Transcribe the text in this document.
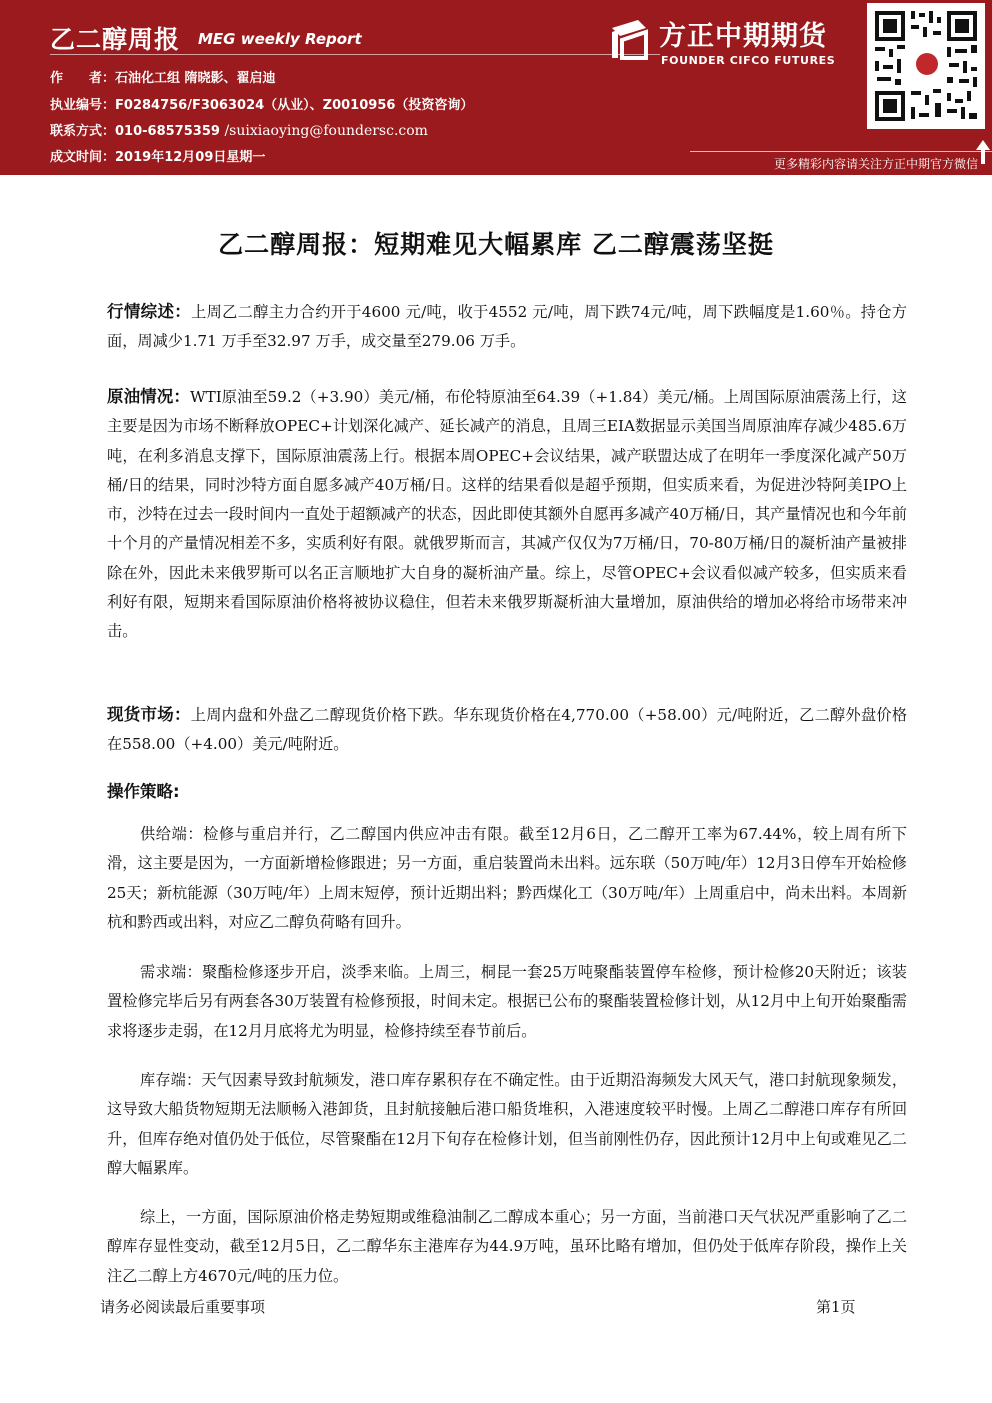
乙二醇周报 MEG weekly Report
作　　者：石油化工组 隋晓影、翟启迪
执业编号：F0284756/F3063024（从业）、Z0010956（投资咨询）
联系方式：010-68575359 /suixiaoying@foundersc.com
成文时间：2019年12月09日星期一
方正中期期货
FOUNDER CIFCO FUTURES
更多精彩内容请关注方正中期官方微信
乙二醇周报：短期难见大幅累库 乙二醇震荡坚挺
行情综述：上周乙二醇主力合约开于4600 元/吨，收于4552 元/吨，周下跌74元/吨，周下跌幅度是1.60％。持仓方面，周减少1.71 万手至32.97 万手，成交量至279.06 万手。
原油情况：WTI原油至59.2（+3.90）美元/桶，布伦特原油至64.39（+1.84）美元/桶。上周国际原油震荡上行，这主要是因为市场不断释放OPEC+计划深化减产、延长减产的消息，且周三EIA数据显示美国当周原油库存减少485.6万吨，在利多消息支撑下，国际原油震荡上行。根据本周OPEC+会议结果，减产联盟达成了在明年一季度深化减产50万桶/日的结果，同时沙特方面自愿多减产40万桶/日。这样的结果看似是超乎预期，但实质来看，为促进沙特阿美IPO上市，沙特在过去一段时间内一直处于超额减产的状态，因此即使其额外自愿再多减产40万桶/日，其产量情况也和今年前十个月的产量情况相差不多，实质利好有限。就俄罗斯而言，其减产仅仅为7万桶/日，70-80万桶/日的凝析油产量被排除在外，因此未来俄罗斯可以名正言顺地扩大自身的凝析油产量。综上，尽管OPEC+会议看似减产较多，但实质来看利好有限，短期来看国际原油价格将被协议稳住，但若未来俄罗斯凝析油大量增加，原油供给的增加必将给市场带来冲击。
现货市场：上周内盘和外盘乙二醇现货价格下跌。华东现货价格在4,770.00（+58.00）元/吨附近，乙二醇外盘价格在558.00（+4.00）美元/吨附近。
操作策略:
供给端：检修与重启并行，乙二醇国内供应冲击有限。截至12月6日，乙二醇开工率为67.44%，较上周有所下滑，这主要是因为，一方面新增检修跟进；另一方面，重启装置尚未出料。远东联（50万吨/年）12月3日停车开始检修25天；新杭能源（30万吨/年）上周末短停，预计近期出料；黔西煤化工（30万吨/年）上周重启中，尚未出料。本周新杭和黔西或出料，对应乙二醇负荷略有回升。
需求端：聚酯检修逐步开启，淡季来临。上周三，桐昆一套25万吨聚酯装置停车检修，预计检修20天附近；该装置检修完毕后另有两套各30万装置有检修预报，时间未定。根据已公布的聚酯装置检修计划，从12月中上旬开始聚酯需求将逐步走弱，在12月月底将尤为明显，检修持续至春节前后。
库存端：天气因素导致封航频发，港口库存累积存在不确定性。由于近期沿海频发大风天气，港口封航现象频发，这导致大船货物短期无法顺畅入港卸货，且封航接触后港口船货堆积，入港速度较平时慢。上周乙二醇港口库存有所回升，但库存绝对值仍处于低位，尽管聚酯在12月下旬存在检修计划，但当前刚性仍存，因此预计12月中上旬或难见乙二醇大幅累库。
综上，一方面，国际原油价格走势短期或维稳油制乙二醇成本重心；另一方面，当前港口天气状况严重影响了乙二醇库存显性变动，截至12月5日，乙二醇华东主港库存为44.9万吨，虽环比略有增加，但仍处于低库存阶段，操作上关注乙二醇上方4670元/吨的压力位。
请务必阅读最后重要事项	第1页
